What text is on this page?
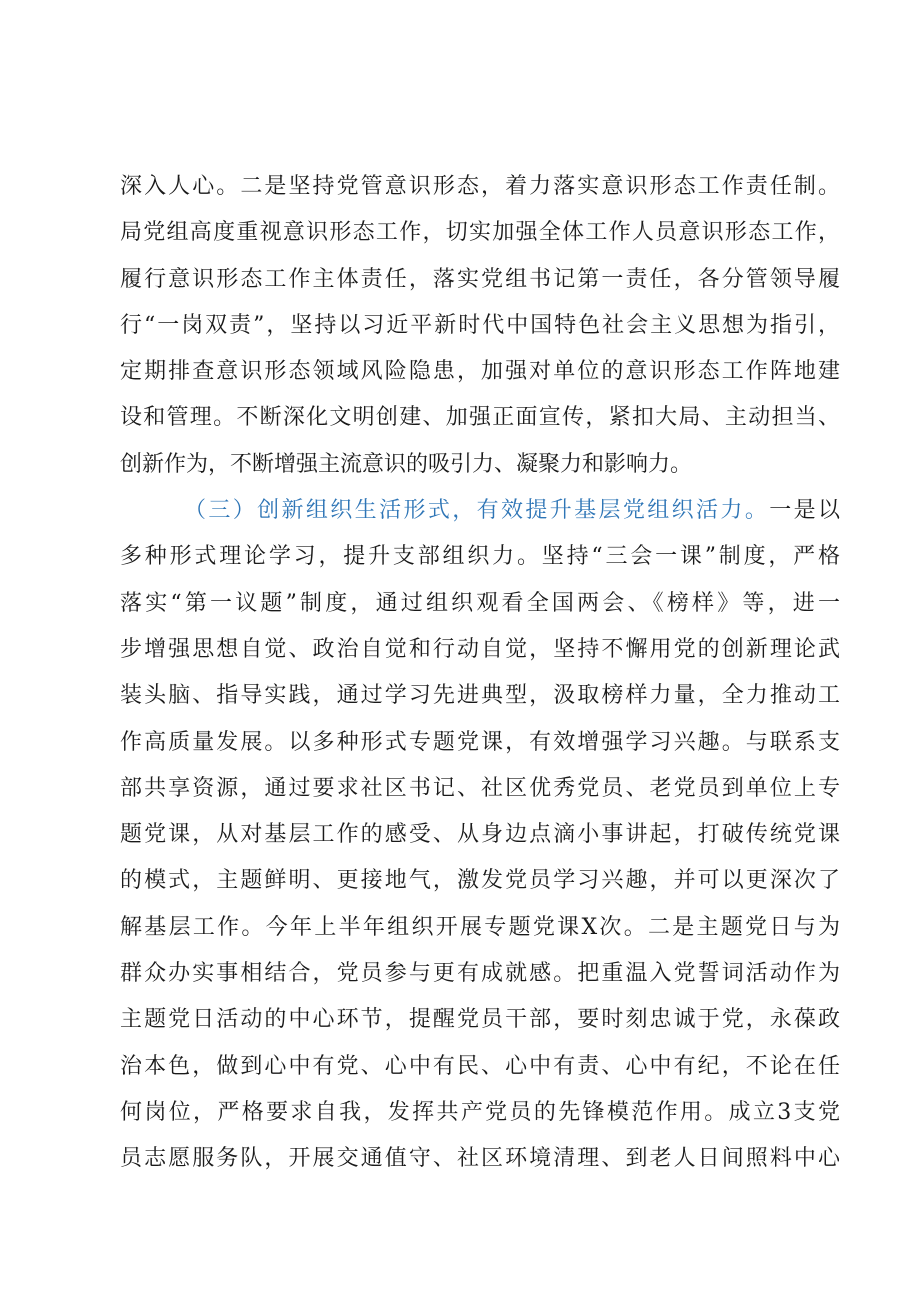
深入人心。二是坚持党管意识形态，着力落实意识形态工作责任制。
局党组高度重视意识形态工作，切实加强全体工作人员意识形态工作，
履行意识形态工作主体责任，落实党组书记第一责任，各分管领导履
行“一岗双责”，坚持以习近平新时代中国特色社会主义思想为指引，
定期排查意识形态领域风险隐患，加强对单位的意识形态工作阵地建
设和管理。不断深化文明创建、加强正面宣传，紧扣大局、主动担当、
创新作为，不断增强主流意识的吸引力、凝聚力和影响力。
（三）创新组织生活形式，有效提升基层党组织活力。一是以
多种形式理论学习，提升支部组织力。坚持“三会一课”制度，严格
落实“第一议题”制度，通过组织观看全国两会、《榜样》等，进一
步增强思想自觉、政治自觉和行动自觉，坚持不懈用党的创新理论武
装头脑、指导实践，通过学习先进典型，汲取榜样力量，全力推动工
作高质量发展。以多种形式专题党课，有效增强学习兴趣。与联系支
部共享资源，通过要求社区书记、社区优秀党员、老党员到单位上专
题党课，从对基层工作的感受、从身边点滴小事讲起，打破传统党课
的模式，主题鲜明、更接地气，激发党员学习兴趣，并可以更深次了
解基层工作。今年上半年组织开展专题党课X次。二是主题党日与为
群众办实事相结合，党员参与更有成就感。把重温入党誓词活动作为
主题党日活动的中心环节，提醒党员干部，要时刻忠诚于党，永葆政
治本色，做到心中有党、心中有民、心中有责、心中有纪，不论在任
何岗位，严格要求自我，发挥共产党员的先锋模范作用。成立3支党
员志愿服务队，开展交通值守、社区环境清理、到老人日间照料中心
